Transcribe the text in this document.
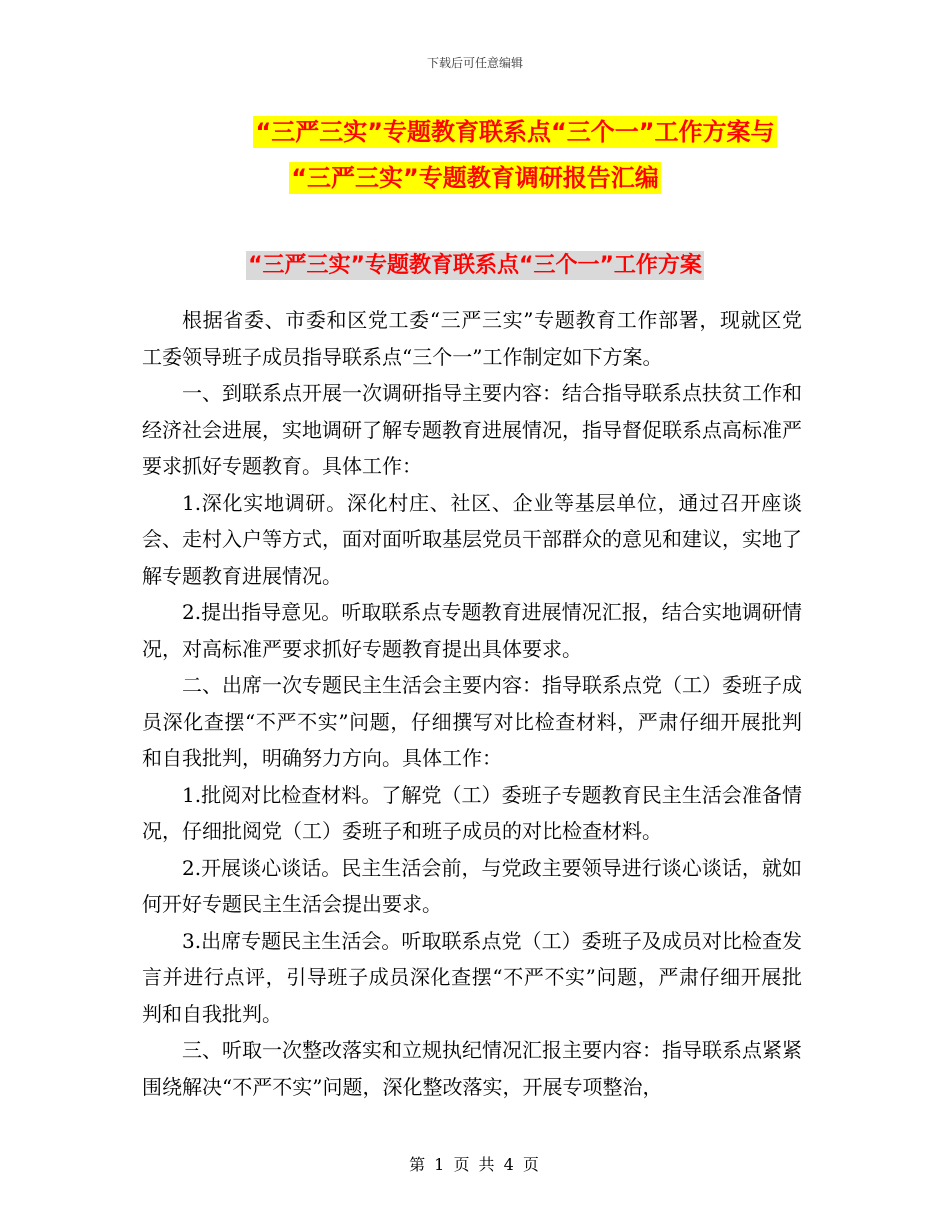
下载后可任意编辑
“三严三实”专题教育联系点“三个一”工作方案与
“三严三实”专题教育调研报告汇编
“三严三实”专题教育联系点“三个一”工作方案

根据省委、市委和区党工委“三严三实”专题教育工作部署，现就区党工委领导班子成员指导联系点“三个一”工作制定如下方案。

一、到联系点开展一次调研指导主要内容：结合指导联系点扶贫工作和经济社会进展，实地调研了解专题教育进展情况，指导督促联系点高标准严要求抓好专题教育。具体工作：

1.深化实地调研。深化村庄、社区、企业等基层单位，通过召开座谈会、走村入户等方式，面对面听取基层党员干部群众的意见和建议，实地了解专题教育进展情况。

2.提出指导意见。听取联系点专题教育进展情况汇报，结合实地调研情况，对高标准严要求抓好专题教育提出具体要求。

二、出席一次专题民主生活会主要内容：指导联系点党（工）委班子成员深化查摆“不严不实”问题，仔细撰写对比检查材料，严肃仔细开展批判和自我批判，明确努力方向。具体工作：

1.批阅对比检查材料。了解党（工）委班子专题教育民主生活会准备情况，仔细批阅党（工）委班子和班子成员的对比检查材料。

2.开展谈心谈话。民主生活会前，与党政主要领导进行谈心谈话，就如何开好专题民主生活会提出要求。

3.出席专题民主生活会。听取联系点党（工）委班子及成员对比检查发言并进行点评，引导班子成员深化查摆“不严不实”问题，严肃仔细开展批判和自我批判。

三、听取一次整改落实和立规执纪情况汇报主要内容：指导联系点紧紧围绕解决“不严不实”问题，深化整改落实，开展专项整治，

第 1 页 共 4 页
